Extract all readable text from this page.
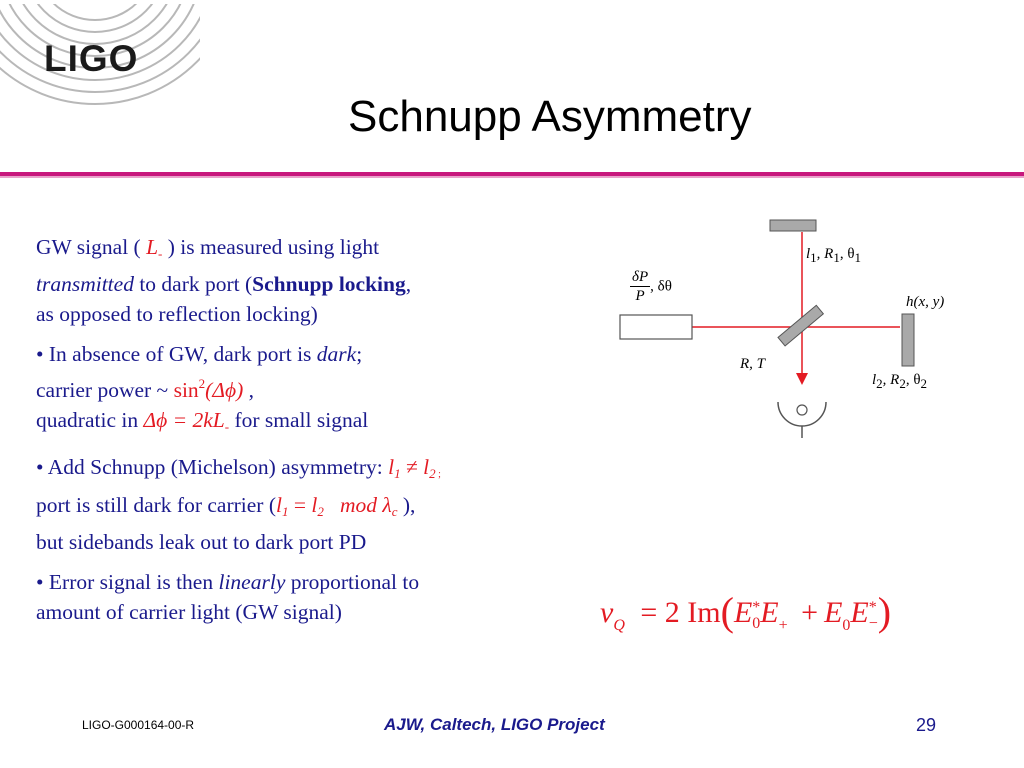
LIGO
Schnupp Asymmetry

GW signal ( $L_-$ ) is measured using light
transmitted to dark port (Schnupp locking,
as opposed to reflection locking)

• In absence of GW, dark port is dark;
carrier power ~ $\sin^2(\Delta\phi)$ ,
quadratic in $\Delta\phi = 2kL_-$ for small signal

• Add Schnupp (Michelson) asymmetry: $l_1 \ne l_2$ ;
port is still dark for carrier ($l_1 = l_2$ mod $\lambda_c$ ),
but sidebands leak out to dark port PD

• Error signal is then linearly proportional to
amount of carrier light (GW signal)

l1, R1, θ1
h(x, y)
$\frac{\delta P}{P}$ , δθ
R, T
l2, R2, θ2
$\nu_Q = 2$ Im(E *
0 $E_+ + E_0E$ *
− )
LIGO-G000164-00-R	AJW, Caltech, LIGO Project	29
